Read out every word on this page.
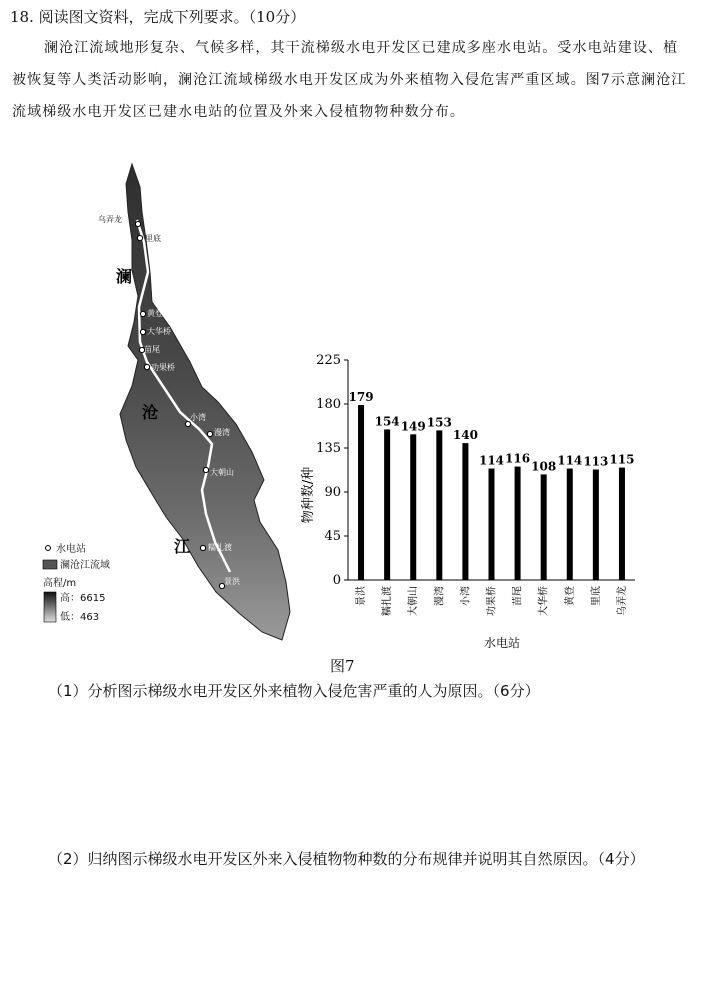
18. 阅读图文资料，完成下列要求。（10分）

澜沧江流域地形复杂、气候多样，其干流梯级水电开发区已建成多座水电站。受水电站建设、植被恢复等人类活动影响，澜沧江流域梯级水电开发区成为外来植物入侵危害严重区域。图7示意澜沧江流域梯级水电开发区已建水电站的位置及外来入侵植物物种数分布。

乌弄龙
里底
黄登
大华桥
苗尾
功果桥
小湾
漫湾
大朝山
糯扎渡
景洪
澜
沧
江
水电站
澜沧江流域
高程/m
高：6615
低：463
物种数/种
水电站
0
45
90
135
180
225
179
景洪
154
糯扎渡
149
大朝山
153
漫湾
140
小湾
114
功果桥
116
苗尾
108
大华桥
114
黄登
113
里底
115
乌弄龙
图7
（1）分析图示梯级水电开发区外来植物入侵危害严重的人为原因。（6分）
（2）归纳图示梯级水电开发区外来入侵植物物种数的分布规律并说明其自然原因。（4分）
